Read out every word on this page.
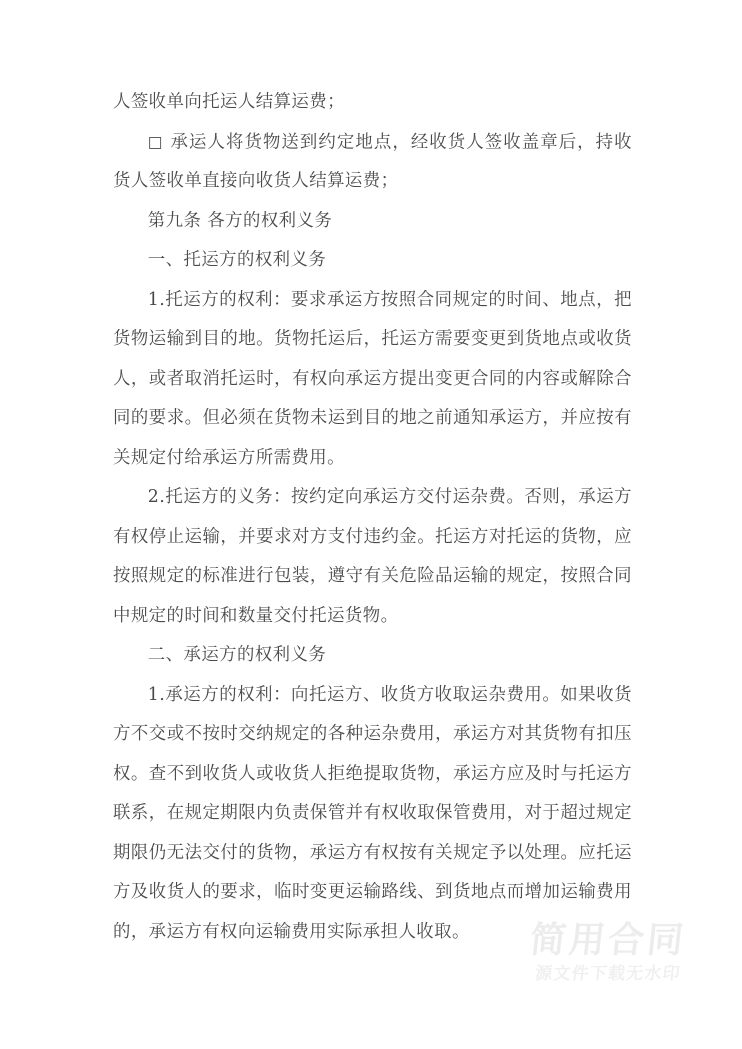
人签收单向托运人结算运费；

□ 承运人将货物送到约定地点，经收货人签收盖章后，持收货人签收单直接向收货人结算运费；

第九条 各方的权利义务

一、托运方的权利义务

1.托运方的权利：要求承运方按照合同规定的时间、地点，把货物运输到目的地。货物托运后，托运方需要变更到货地点或收货人，或者取消托运时，有权向承运方提出变更合同的内容或解除合同的要求。但必须在货物未运到目的地之前通知承运方，并应按有关规定付给承运方所需费用。

2.托运方的义务：按约定向承运方交付运杂费。否则，承运方有权停止运输，并要求对方支付违约金。托运方对托运的货物，应按照规定的标准进行包装，遵守有关危险品运输的规定，按照合同中规定的时间和数量交付托运货物。

二、承运方的权利义务

1.承运方的权利：向托运方、收货方收取运杂费用。如果收货方不交或不按时交纳规定的各种运杂费用，承运方对其货物有扣压权。查不到收货人或收货人拒绝提取货物，承运方应及时与托运方联系，在规定期限内负责保管并有权收取保管费用，对于超过规定期限仍无法交付的货物，承运方有权按有关规定予以处理。应托运方及收货人的要求，临时变更运输路线、到货地点而增加运输费用的，承运方有权向运输费用实际承担人收取。	简用合同
源文件下载无水印
